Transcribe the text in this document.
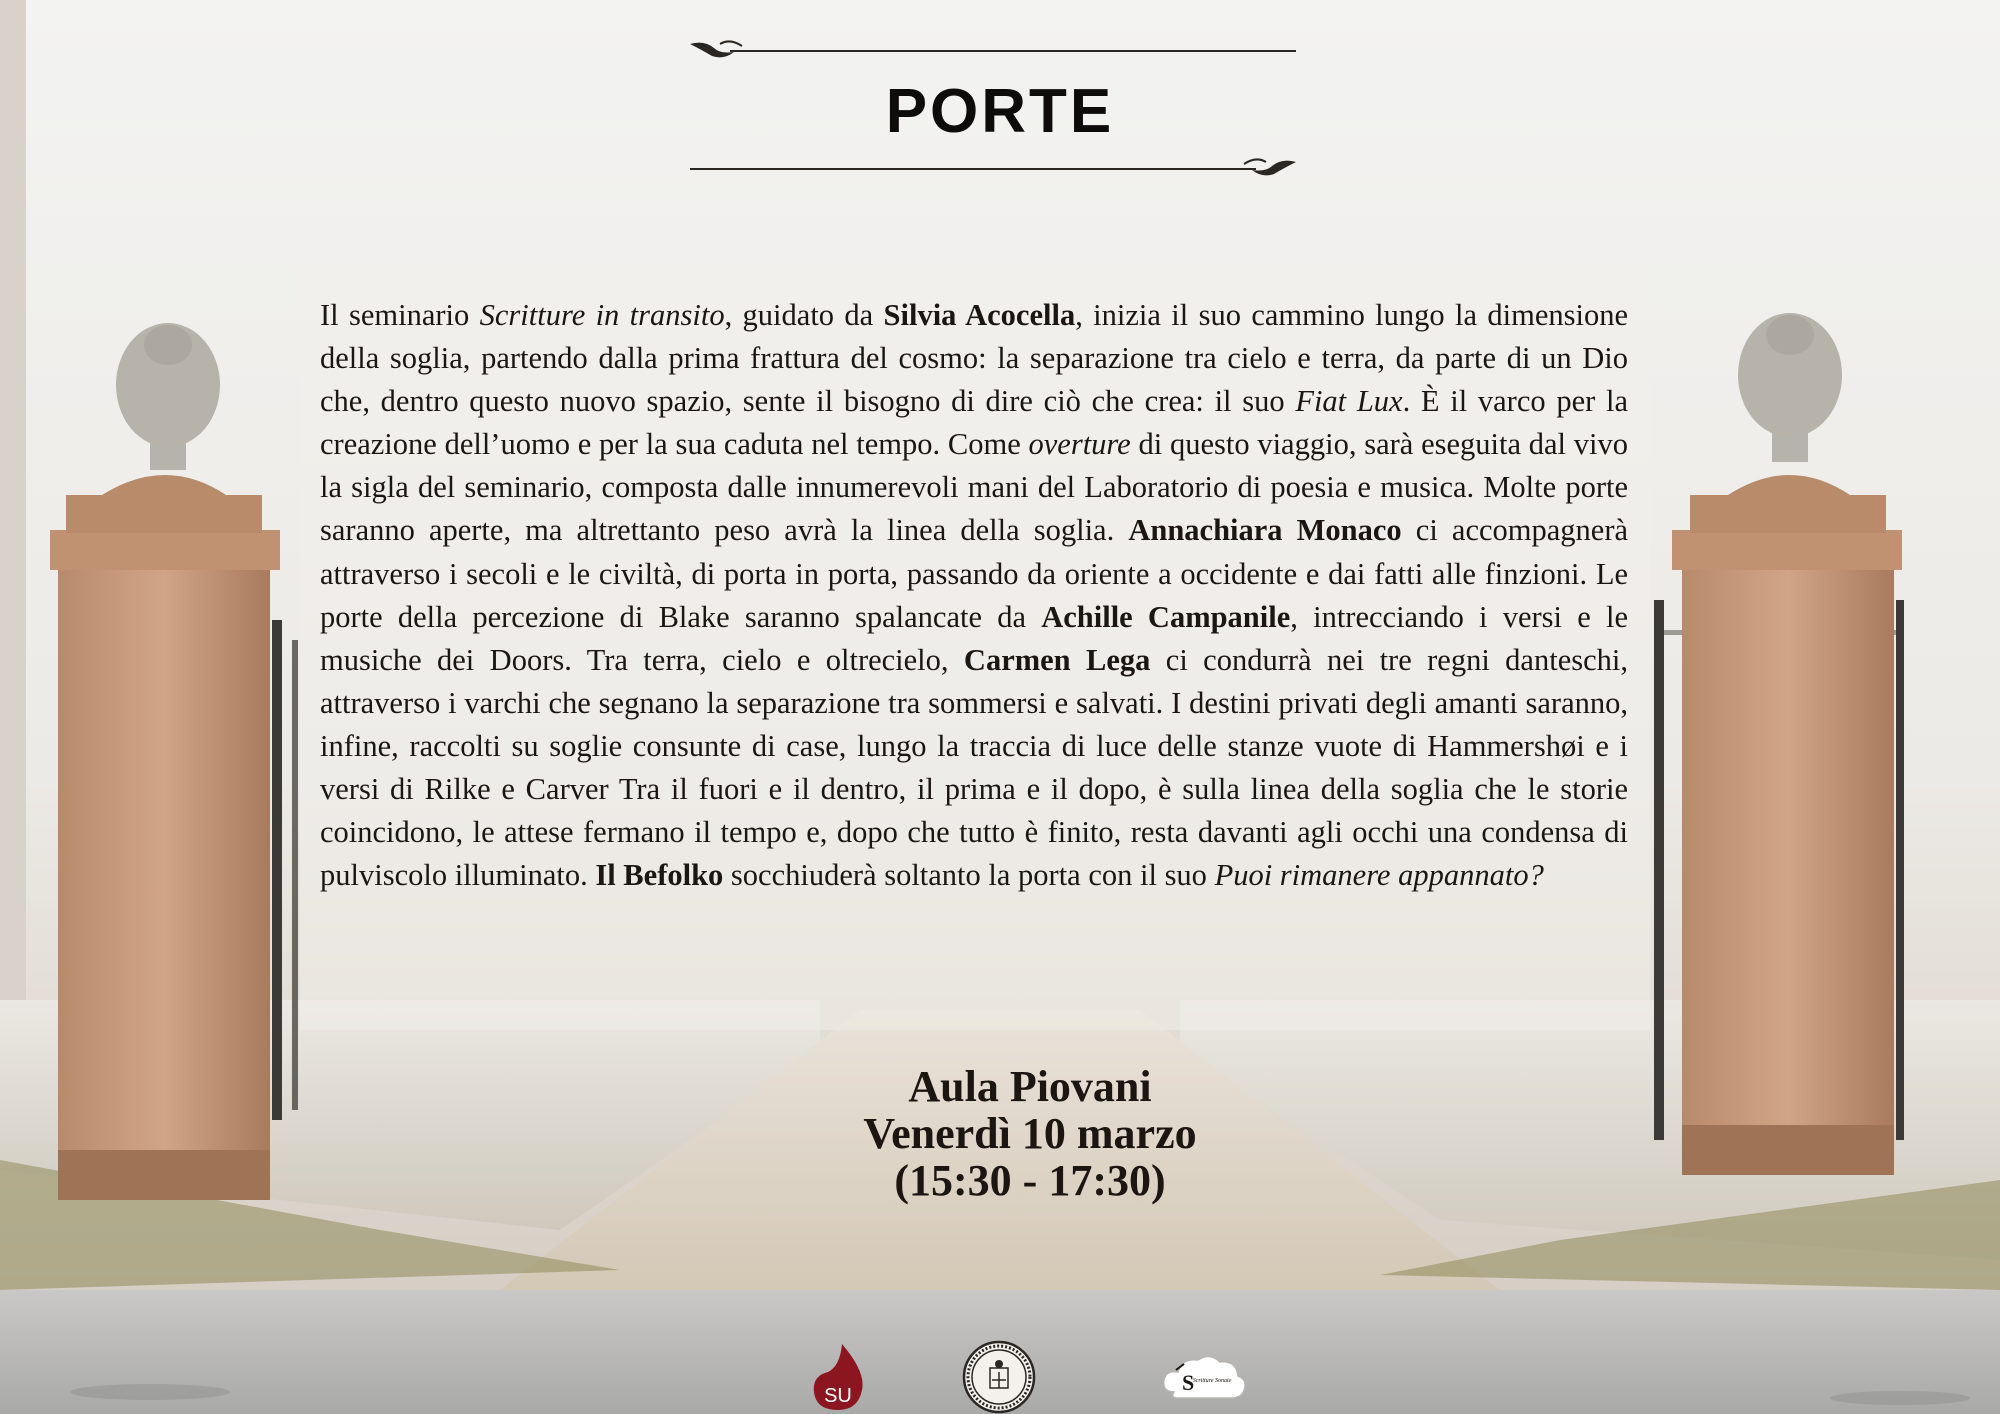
PORTE

Il seminario Scritture in transito, guidato da Silvia Acocella, inizia il suo cammino lungo la dimensione della soglia, partendo dalla prima frattura del cosmo: la separazione tra cielo e terra, da parte di un Dio che, dentro questo nuovo spazio, sente il bisogno di dire ciò che crea: il suo Fiat Lux. È il varco per la creazione dell’uomo e per la sua caduta nel tempo. Come overture di questo viaggio, sarà eseguita dal vivo la sigla del seminario, composta dalle innumerevoli mani del Laboratorio di poesia e musica. Molte porte saranno aperte, ma altrettanto peso avrà la linea della soglia. Annachiara Monaco ci accompagnerà attraverso i secoli e le civiltà, di porta in porta, passando da oriente a occidente e dai fatti alle finzioni. Le porte della percezione di Blake saranno spalancate da Achille Campanile, intrecciando i versi e le musiche dei Doors. Tra terra, cielo e oltrecielo, Carmen Lega ci condurrà nei tre regni danteschi, attraverso i varchi che segnano la separazione tra sommersi e salvati. I destini privati degli amanti saranno, infine, raccolti su soglie consunte di case, lungo la traccia di luce delle stanze vuote di Hammershøi e i versi di Rilke e Carver Tra il fuori e il dentro, il prima e il dopo, è sulla linea della soglia che le storie coincidono, le attese fermano il tempo e, dopo che tutto è finito, resta davanti agli occhi una condensa di pulviscolo illuminato. Il Befolko socchiuderà soltanto la porta con il suo Puoi rimanere appannato?

Aula Piovani
Venerdì 10 marzo
(15:30 - 17:30)
SU
S
Scritture Sonate
